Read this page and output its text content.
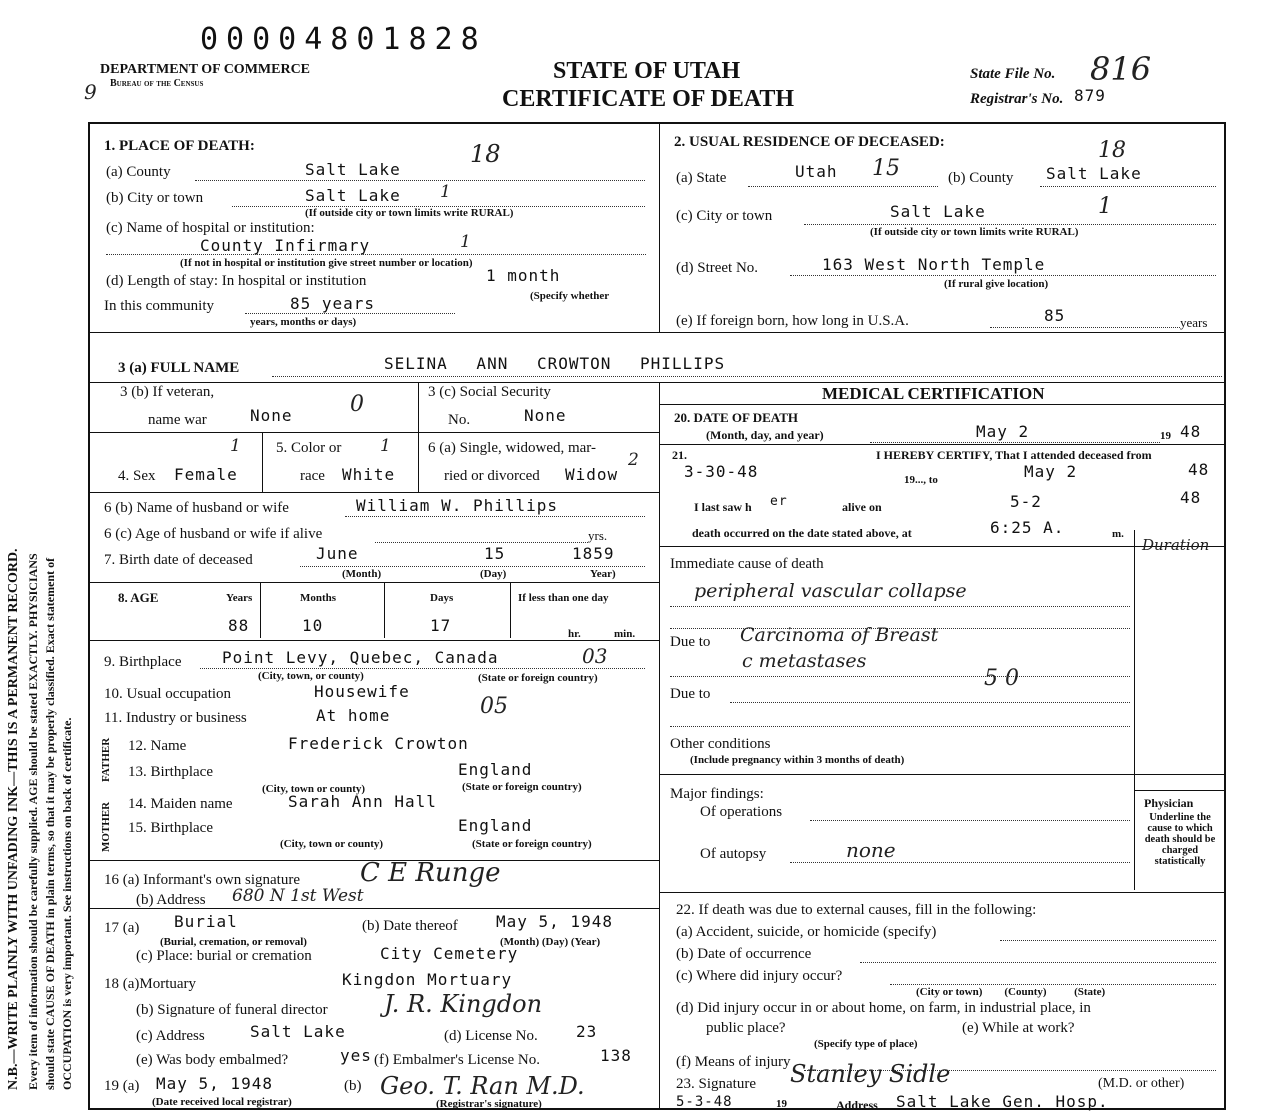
N.B.—WRITE PLAINLY WITH UNFADING INK—THIS IS A PERMANENT RECORD. Every item of information should be carefully supplied. AGE should be stated EXACTLY. PHYSICIANS should state CAUSE OF DEATH in plain terms, so that it may be properly classified. Exact statement of OCCUPATION is very important. See instructions on back of certificate.
00004801828
9
DEPARTMENT OF COMMERCE
Bureau of the Census	STATE OF UTAH
CERTIFICATE OF DEATH
State File No. 816
Registrar's No. 879
1. PLACE OF DEATH:
(a) County	Salt Lake
18
(b) City or town	Salt Lake 1
(If outside city or town limits write RURAL)
(c) Name of hospital or institution:
County Infirmary	1
(If not in hospital or institution give street number or location)
(d) Length of stay: In hospital or institution	1 month
(Specify whether
In this community	85 years
years, months or days)
2. USUAL RESIDENCE OF DECEASED:
(a) State	Utah 15	(b) County Salt Lake
18
(c) City or town	Salt Lake	1
(If outside city or town limits write RURAL)
(d) Street No.	163 West North Temple
(If rural give location)
(e) If foreign born, how long in U.S.A.	85	years
3 (a) FULL NAME	SELINA ANN CROWTON PHILLIPS
3 (b) If veteran,
name war	None	0	3 (c) Social Security
No.	None
1
4. Sex Female
5. Color or 1
race White
6 (a) Single, widowed, mar-
ried or divorced Widow
2
6 (b) Name of husband or wife	William W. Phillips
6 (c) Age of husband or wife if alive	yrs.
7. Birth date of deceased	June	15	1859
(Month)	(Day)	Year)
8. AGE	Years	Months	Days	If less than one day
88	10	17	hr.	min.
9. Birthplace	Point Levy, Quebec, Canada	03
(City, town, or county)	(State or foreign country)
10. Usual occupation	Housewife
11. Industry or business	At home	05
FATHER
MOTHER
12. Name	Frederick Crowton
13. Birthplace	England
(City, town or county)	(State or foreign country)
14. Maiden name	Sarah Ann Hall
15. Birthplace	England
(City, town or county)	(State or foreign country)
16 (a) Informant's own signature C E Runge
(b) Address 680 N 1st West
17 (a) Burial
(Burial, cremation, or removal)
(b) Date thereof May 5, 1948
(Month) (Day) (Year)
(c) Place: burial or cremation	City Cemetery
18 (a)Mortuary	Kingdon Mortuary
(b) Signature of funeral director J. R. Kingdon
(c) Address	Salt Lake	(d) License No. 23
(e) Was body embalmed?	yes (f) Embalmer's License No.	138
19 (a) May 5, 1948
(Date received local registrar)
(b) Geo. T. Ran M.D.
(Registrar's signature)
MEDICAL CERTIFICATION
20. DATE OF DEATH
(Month, day, and year)	May 2	19 48
21.	I HEREBY CERTIFY, That I attended deceased from
3-30-48	19..., to	May 2	48
I last saw h er	alive on	5-2	48
death occurred on the date stated above, at	6:25 A.	m.
Duration
Immediate cause of death
peripheral vascular collapse
Due to Carcinoma of Breast
c metastases
5 0
Due to
Other conditions
(Include pregnancy within 3 months of death)
Major findings:
Of operations
Of autopsy	none
Physician
Underline the cause to which death should be charged statistically
22. If death was due to external causes, fill in the following:
(a) Accident, suicide, or homicide (specify)
(b) Date of occurrence
(c) Where did injury occur?
(City or town)        (County)          (State)
(d) Did injury occur in or about home, on farm, in industrial place, in
public place?
(Specify type of place)
(e) While at work?
(f) Means of injury
23. Signature Stanley Sidle	(M.D. or other)
5-3-48	19	Address Salt Lake Gen. Hosp.
